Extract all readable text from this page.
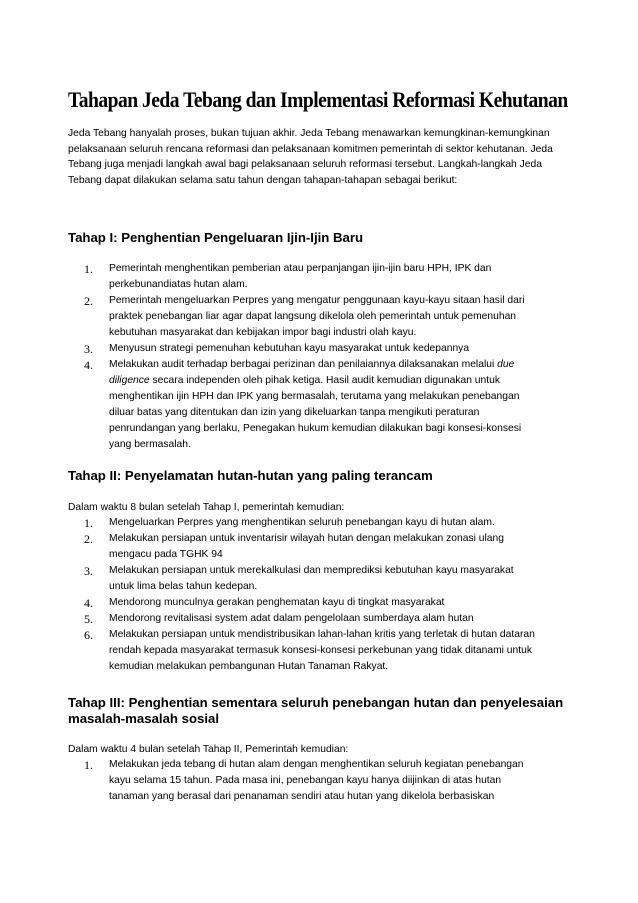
Tahapan Jeda Tebang dan Implementasi Reformasi Kehutanan

Jeda Tebang hanyalah proses, bukan tujuan akhir. Jeda Tebang menawarkan kemungkinan-kemungkinan pelaksanaan seluruh rencana reformasi dan pelaksanaan komitmen pemerintah di sektor kehutanan. Jeda Tebang juga menjadi langkah awal bagi pelaksanaan seluruh reformasi tersebut. Langkah-langkah Jeda Tebang dapat dilakukan selama satu tahun dengan tahapan-tahapan sebagai berikut:

Tahap I: Penghentian Pengeluaran Ijin-Ijin Baru
1. Pemerintah menghentikan pemberian atau perpanjangan ijin-ijin baru HPH, IPK dan perkebunandiatas hutan alam.
2. Pemerintah mengeluarkan Perpres yang mengatur penggunaan kayu-kayu sitaan hasil dari praktek penebangan liar agar dapat langsung dikelola oleh pemerintah untuk pemenuhan kebutuhan masyarakat dan kebijakan impor bagi industri olah kayu.
3. Menyusun strategi pemenuhan kebutuhan kayu masyarakat untuk kedepannya
4. Melakukan audit terhadap berbagai perizinan dan penilaiannya dilaksanakan melalui due diligence secara independen oleh pihak ketiga. Hasil audit kemudian digunakan untuk menghentikan ijin HPH dan IPK yang bermasalah, terutama yang melakukan penebangan diluar batas yang ditentukan dan izin yang dikeluarkan tanpa mengikuti peraturan penrundangan yang berlaku, Penegakan hukum kemudian dilakukan bagi konsesi-konsesi yang bermasalah.
Tahap II: Penyelamatan hutan-hutan yang paling terancam

Dalam waktu 8 bulan setelah Tahap I, pemerintah kemudian:

1. Mengeluarkan Perpres yang menghentikan seluruh penebangan kayu di hutan alam.
2. Melakukan persiapan untuk inventarisir wilayah hutan dengan melakukan zonasi ulang mengacu pada TGHK 94
3. Melakukan persiapan untuk merekalkulasi dan memprediksi kebutuhan kayu masyarakat untuk lima belas tahun kedepan.
4. Mendorong munculnya gerakan penghematan kayu di tingkat masyarakat
5. Mendorong revitalisasi system adat dalam pengelolaan sumberdaya alam hutan
6. Melakukan persiapan untuk mendistribusikan lahan-lahan kritis yang terletak di hutan dataran rendah kepada masyarakat termasuk konsesi-konsesi perkebunan yang tidak ditanami untuk kemudian melakukan pembangunan Hutan Tanaman Rakyat.
Tahap III: Penghentian sementara seluruh penebangan hutan dan penyelesaian masalah-masalah sosial

Dalam waktu 4 bulan setelah Tahap II, Pemerintah kemudian:

1. Melakukan jeda tebang di hutan alam dengan menghentikan seluruh kegiatan penebangan kayu selama 15 tahun. Pada masa ini, penebangan kayu hanya diijinkan di atas hutan tanaman yang berasal dari penanaman sendiri atau hutan yang dikelola berbasiskan
